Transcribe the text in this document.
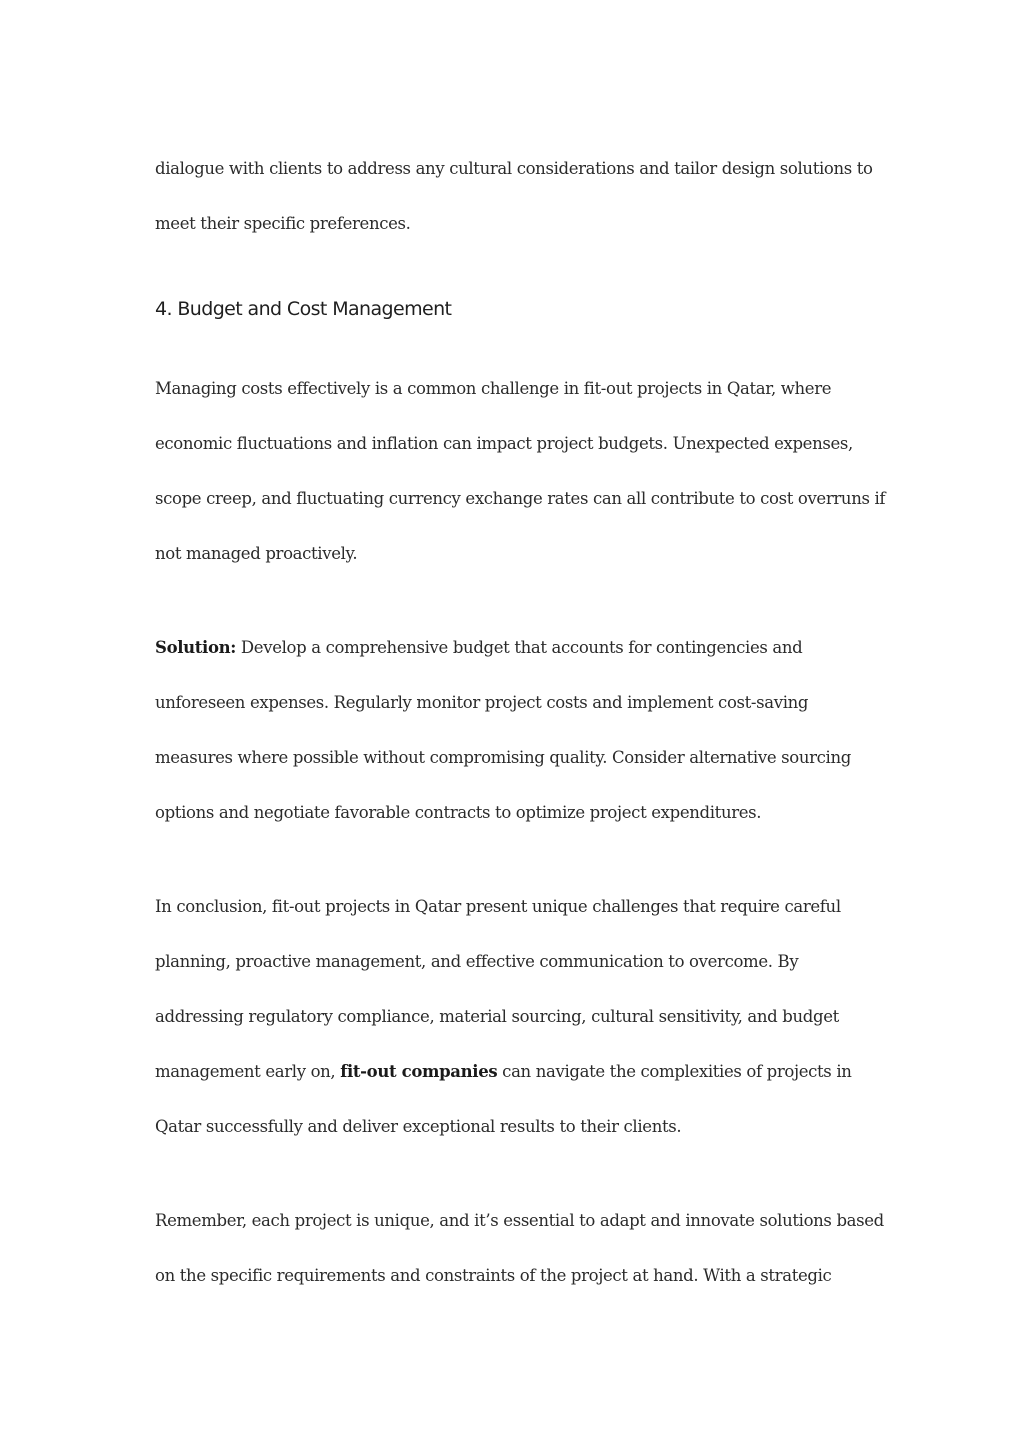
dialogue with clients to address any cultural considerations and tailor design solutions to
meet their specific preferences.
4. Budget and Cost Management
Managing costs effectively is a common challenge in fit-out projects in Qatar, where
economic fluctuations and inflation can impact project budgets. Unexpected expenses,
scope creep, and fluctuating currency exchange rates can all contribute to cost overruns if
not managed proactively.
Solution: Develop a comprehensive budget that accounts for contingencies and
unforeseen expenses. Regularly monitor project costs and implement cost-saving
measures where possible without compromising quality. Consider alternative sourcing
options and negotiate favorable contracts to optimize project expenditures.
In conclusion, fit-out projects in Qatar present unique challenges that require careful
planning, proactive management, and effective communication to overcome. By
addressing regulatory compliance, material sourcing, cultural sensitivity, and budget
management early on, fit-out companies can navigate the complexities of projects in
Qatar successfully and deliver exceptional results to their clients.
Remember, each project is unique, and it’s essential to adapt and innovate solutions based
on the specific requirements and constraints of the project at hand. With a strategic
